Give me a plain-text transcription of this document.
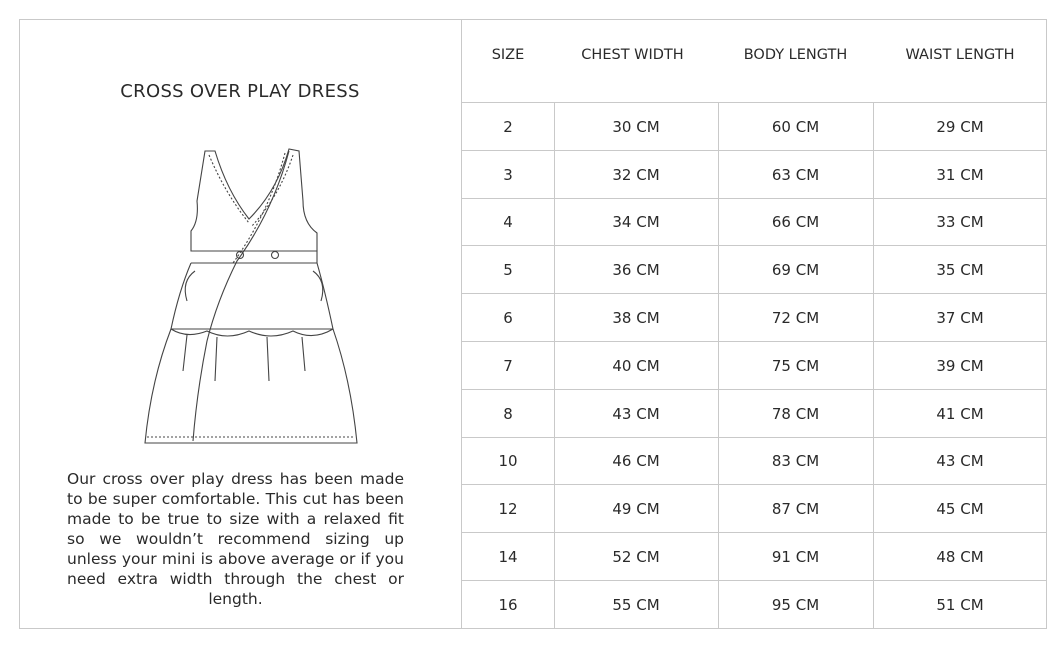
CROSS OVER PLAY DRESS
Our cross over play dress has been made to be super comfortable. This cut has been made to be true to size with a relaxed fit so we wouldn’t recommend sizing up unless your mini is above average or if you need extra width through the chest or length.
SIZE	CHEST WIDTH	BODY LENGTH	WAIST LENGTH
2	30 CM	60 CM	29 CM
3	32 CM	63 CM	31 CM
4	34 CM	66 CM	33 CM
5	36 CM	69 CM	35 CM
6	38 CM	72 CM	37 CM
7	40 CM	75 CM	39 CM
8	43 CM	78 CM	41 CM
10	46 CM	83 CM	43 CM
12	49 CM	87 CM	45 CM
14	52 CM	91 CM	48 CM
16	55 CM	95 CM	51 CM
